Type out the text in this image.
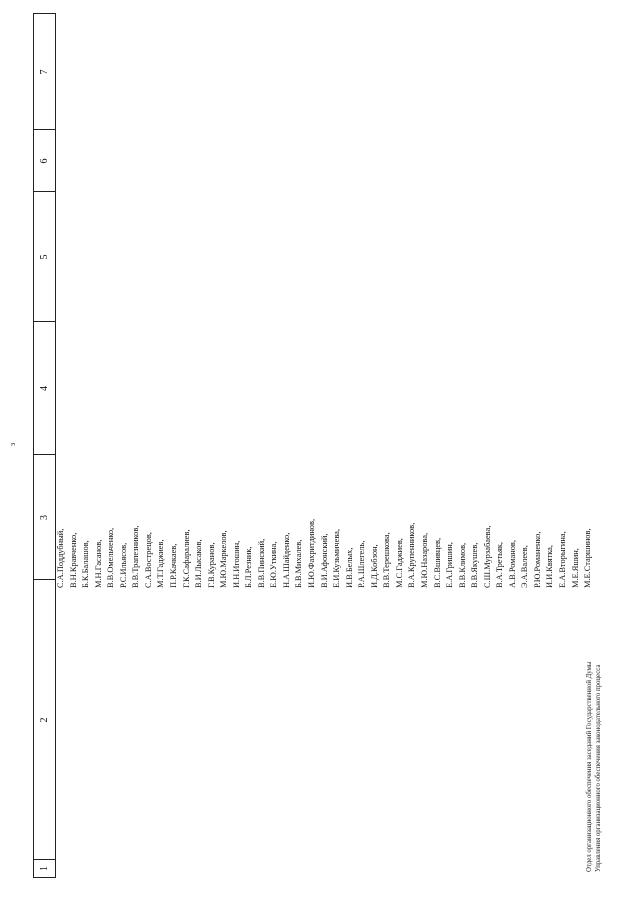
з
1
2
3
4
5
6
7
Отдел организационного обеспечения заседаний Государственной Думы Управления организационного обеспечения законодательного процесса
С.А.Поддубный, В.Н.Кравченко, Б.К.Балашов, М.Н.Гасанов, В.В.Омельченко, Р.С.Ильясов, В.В.Трапезников, С.А.Вострецов, М.Т.Гаджиев, П.Р.Качкаев, Г.К.Сафаралиев, В.И.Лысаков, Г.В.Куранов, М.Ю.Маркелов, И.Н.Игошин, Б.Л.Резник, В.В.Пинский, Е.Ю.Уткина, Н.А.Шайденко, Б.В.Михалев, И.Ю.Фахритдинов, В.И.Афонский, Е.И.Кузьмичева, И.В.Белых, Р.А.Шлегель, И.Д.Кобзон, В.В.Терешкова, М.С.Гаджиев, В.А.Крупенников, М.Ю.Назарова, В.С.Вшивцев, Е.А.Гришин, В.В.Климов, В.В.Якушев, С.Ш.Мурзабаева, В.А.Третьяк, А.В.Романов, Э.А.Валеев, Р.Ю.Романенко, И.И.Квятка, Е.А.Вторыгина, М.Е.Яшин, М.Е.Старшинов,
